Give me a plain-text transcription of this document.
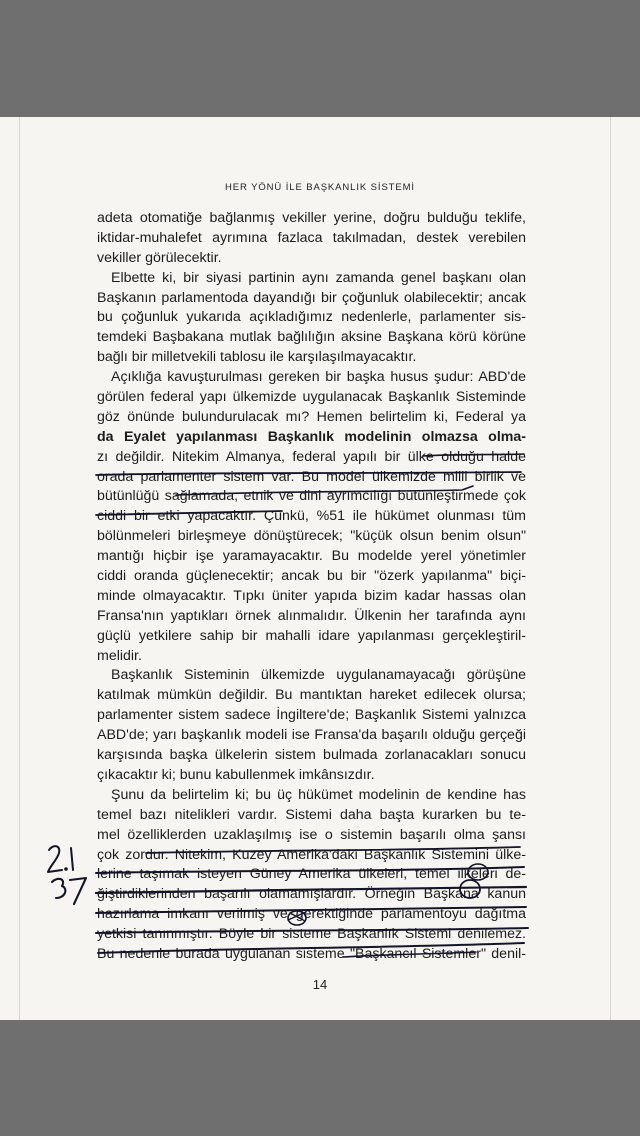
HER YÖNÜ İLE BAŞKANLIK SİSTEMİ
adeta otomatiğe bağlanmış vekiller yerine, doğru bulduğu teklife,
iktidar-muhalefet ayrımına fazlaca takılmadan, destek verebilen
vekiller görülecektir.
Elbette ki, bir siyasi partinin aynı zamanda genel başkanı olan
Başkanın parlamentoda dayandığı bir çoğunluk olabilecektir; ancak
bu çoğunluk yukarıda açıkladığımız nedenlerle, parlamenter sis-
temdeki Başbakana mutlak bağlılığın aksine Başkana körü körüne
bağlı bir milletvekili tablosu ile karşılaşılmayacaktır.
Açıklığa kavuşturulması gereken bir başka husus şudur: ABD'de
görülen federal yapı ülkemizde uygulanacak Başkanlık Sisteminde
göz önünde bulundurulacak mı? Hemen belirtelim ki, Federal ya
da Eyalet yapılanması Başkanlık modelinin olmazsa olma-
zı değildir. Nitekim Almanya, federal yapılı bir ülke olduğu halde
orada parlamenter sistem var. Bu model ülkemizde milli birlik ve
bütünlüğü sağlamada; etnik ve dini ayrımcılığı bütünleştirmede çok
ciddi bir etki yapacaktır. Çünkü, %51 ile hükümet olunması tüm
bölünmeleri birleşmeye dönüştürecek; "küçük olsun benim olsun"
mantığı hiçbir işe yaramayacaktır. Bu modelde yerel yönetimler
ciddi oranda güçlenecektir; ancak bu bir "özerk yapılanma" biçi-
minde olmayacaktır. Tıpkı üniter yapıda bizim kadar hassas olan
Fransa'nın yaptıkları örnek alınmalıdır. Ülkenin her tarafında aynı
güçlü yetkilere sahip bir mahalli idare yapılanması gerçekleştiril-
melidir.
Başkanlık Sisteminin ülkemizde uygulanamayacağı görüşüne
katılmak mümkün değildir. Bu mantıktan hareket edilecek olursa;
parlamenter sistem sadece İngiltere'de; Başkanlık Sistemi yalnızca
ABD'de; yarı başkanlık modeli ise Fransa'da başarılı olduğu gerçeği
karşısında başka ülkelerin sistem bulmada zorlanacakları sonucu
çıkacaktır ki; bunu kabullenmek imkânsızdır.
Şunu da belirtelim ki; bu üç hükümet modelinin de kendine has
temel bazı nitelikleri vardır. Sistemi daha başta kurarken bu te-
mel özelliklerden uzaklaşılmış ise o sistemin başarılı olma şansı
çok zordur. Nitekim, Kuzey Amerika'daki Başkanlık Sistemini ülke-
lerine taşımak isteyen Güney Amerika ülkeleri, temel ilkeleri de-
ğiştirdiklerinden başarılı olamamışlardır. Örneğin Başkana kanun
hazırlama imkanı verilmiş ve gerektiğinde parlamentoyu dağıtma
yetkisi tanınmıştır. Böyle bir sisteme Başkanlık Sistemi denilemez.
Bu nedenle burada uygulanan sisteme "Başkancıl Sistemler" denil-
14
